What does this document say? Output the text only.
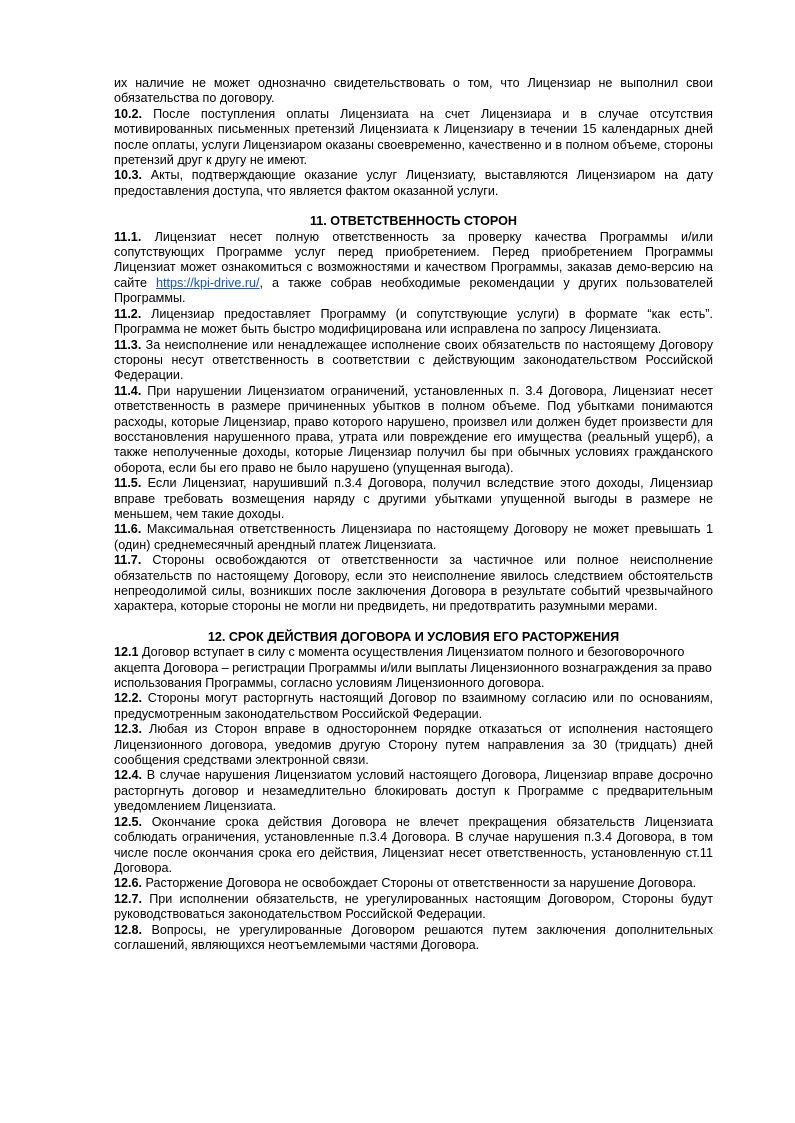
их наличие не может однозначно свидетельствовать о том, что Лицензиар не выполнил свои обязательства по договору.

10.2. После поступления оплаты Лицензиата на счет Лицензиара и в случае отсутствия мотивированных письменных претензий Лицензиата к Лицензиару в течении 15 календарных дней после оплаты, услуги Лицензиаром оказаны своевременно, качественно и в полном объеме, стороны претензий друг к другу не имеют.

10.3. Акты, подтверждающие оказание услуг Лицензиату, выставляются Лицензиаром на дату предоставления доступа, что является фактом оказанной услуги.

11. ОТВЕТСТВЕННОСТЬ СТОРОН

11.1. Лицензиат несет полную ответственность за проверку качества Программы и/или сопутствующих Программе услуг перед приобретением. Перед приобретением Программы Лицензиат может ознакомиться с возможностями и качеством Программы, заказав демо-версию на сайте https://kpi-drive.ru/, а также собрав необходимые рекомендации у других пользователей Программы.

11.2. Лицензиар предоставляет Программу (и сопутствующие услуги) в формате “как есть”. Программа не может быть быстро модифицирована или исправлена по запросу Лицензиата.

11.3. За неисполнение или ненадлежащее исполнение своих обязательств по настоящему Договору стороны несут ответственность в соответствии с действующим законодательством Российской Федерации.

11.4. При нарушении Лицензиатом ограничений, установленных п. 3.4 Договора, Лицензиат несет ответственность в размере причиненных убытков в полном объеме. Под убытками понимаются расходы, которые Лицензиар, право которого нарушено, произвел или должен будет произвести для восстановления нарушенного права, утрата или повреждение его имущества (реальный ущерб), а также неполученные доходы, которые Лицензиар получил бы при обычных условиях гражданского оборота, если бы его право не было нарушено (упущенная выгода).

11.5. Если Лицензиат, нарушивший п.3.4 Договора, получил вследствие этого доходы, Лицензиар вправе требовать возмещения наряду с другими убытками упущенной выгоды в размере не меньшем, чем такие доходы.

11.6. Максимальная ответственность Лицензиара по настоящему Договору не может превышать 1 (один) среднемесячный арендный платеж Лицензиата.

11.7. Стороны освобождаются от ответственности за частичное или полное неисполнение обязательств по настоящему Договору, если это неисполнение явилось следствием обстоятельств непреодолимой силы, возникших после заключения Договора в результате событий чрезвычайного характера, которые стороны не могли ни предвидеть, ни предотвратить разумными мерами.

12. СРОК ДЕЙСТВИЯ ДОГОВОРА И УСЛОВИЯ ЕГО РАСТОРЖЕНИЯ

12.1 Договор вступает в силу с момента осуществления Лицензиатом полного и безоговорочного акцепта Договора – регистрации Программы и/или выплаты Лицензионного вознаграждения за право использования Программы, согласно условиям Лицензионного договора.

12.2. Стороны могут расторгнуть настоящий Договор по взаимному согласию или по основаниям, предусмотренным законодательством Российской Федерации.

12.3. Любая из Сторон вправе в одностороннем порядке отказаться от исполнения настоящего Лицензионного договора, уведомив другую Сторону путем направления за 30 (тридцать) дней сообщения средствами электронной связи.

12.4. В случае нарушения Лицензиатом условий настоящего Договора, Лицензиар вправе досрочно расторгнуть договор и незамедлительно блокировать доступ к Программе с предварительным уведомлением Лицензиата.

12.5. Окончание срока действия Договора не влечет прекращения обязательств Лицензиата соблюдать ограничения, установленные п.3.4 Договора. В случае нарушения п.3.4 Договора, в том числе после окончания срока его действия, Лицензиат несет ответственность, установленную ст.11 Договора.

12.6. Расторжение Договора не освобождает Стороны от ответственности за нарушение Договора.

12.7. При исполнении обязательств, не урегулированных настоящим Договором, Стороны будут руководствоваться законодательством Российской Федерации.

12.8. Вопросы, не урегулированные Договором решаются путем заключения дополнительных соглашений, являющихся неотъемлемыми частями Договора.
